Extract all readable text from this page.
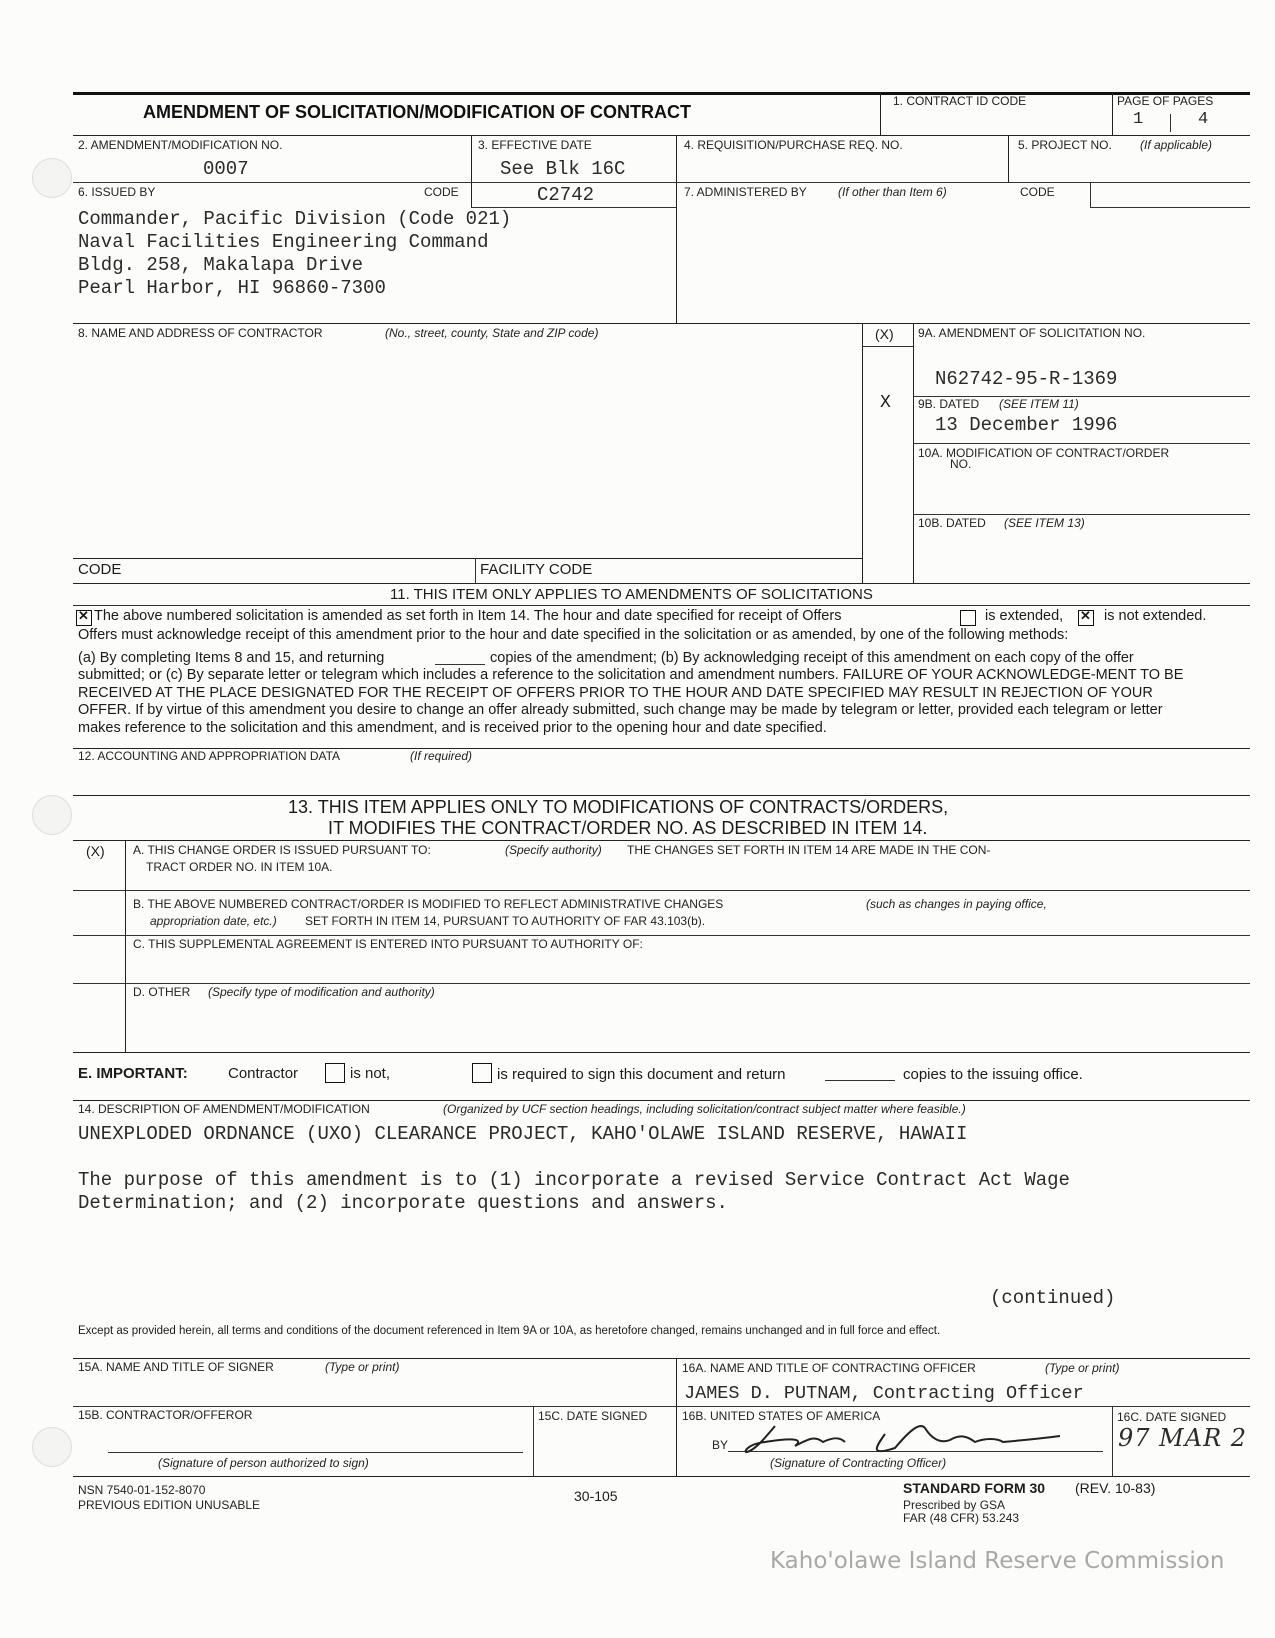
AMENDMENT OF SOLICITATION/MODIFICATION OF CONTRACT
1. CONTRACT ID CODE	PAGE OF PAGES
1	4
2. AMENDMENT/MODIFICATION NO.
0007
3. EFFECTIVE DATE
See Blk 16C
4. REQUISITION/PURCHASE REQ. NO.	5. PROJECT NO. (If applicable)
6. ISSUED BY	CODE	C2742
Commander, Pacific Division (Code 021)
Naval Facilities Engineering Command
Bldg. 258, Makalapa Drive
Pearl Harbor, HI 96860-7300
7. ADMINISTERED BY	(If other than Item 6)	CODE
8. NAME AND ADDRESS OF CONTRACTOR	(No., street, county, State and ZIP code)	(X) 9A. AMENDMENT OF SOLICITATION NO.
N62742-95-R-1369
X 9B. DATED (SEE ITEM 11)
13 December 1996
10A. MODIFICATION OF CONTRACT/ORDER
NO.
10B. DATED (SEE ITEM 13)
CODE	FACILITY CODE
11. THIS ITEM ONLY APPLIES TO AMENDMENTS OF SOLICITATIONS
✕
The above numbered solicitation is amended as set forth in Item 14. The hour and date specified for receipt of Offers	is extended,
✕	is not extended.
Offers must acknowledge receipt of this amendment prior to the hour and date specified in the solicitation or as amended, by one of the following methods:
(a) By completing Items 8 and 15, and returning	copies of the amendment; (b) By acknowledging receipt of this amendment on each copy of the offer
submitted; or (c) By separate letter or telegram which includes a reference to the solicitation and amendment numbers. FAILURE OF YOUR ACKNOWLEDGE-MENT TO BE RECEIVED AT THE PLACE DESIGNATED FOR THE RECEIPT OF OFFERS PRIOR TO THE HOUR AND DATE SPECIFIED MAY RESULT IN REJECTION OF YOUR OFFER. If by virtue of this amendment you desire to change an offer already submitted, such change may be made by telegram or letter, provided each telegram or letter makes reference to the solicitation and this amendment, and is received prior to the opening hour and date specified.
12. ACCOUNTING AND APPROPRIATION DATA	(If required)
13. THIS ITEM APPLIES ONLY TO MODIFICATIONS OF CONTRACTS/ORDERS,
IT MODIFIES THE CONTRACT/ORDER NO. AS DESCRIBED IN ITEM 14.
(X) A. THIS CHANGE ORDER IS ISSUED PURSUANT TO:	(Specify authority) THE CHANGES SET FORTH IN ITEM 14 ARE MADE IN THE CON-
TRACT ORDER NO. IN ITEM 10A.
B. THE ABOVE NUMBERED CONTRACT/ORDER IS MODIFIED TO REFLECT ADMINISTRATIVE CHANGES	(such as changes in paying office,
appropriation date, etc.) SET FORTH IN ITEM 14, PURSUANT TO AUTHORITY OF FAR 43.103(b).
C. THIS SUPPLEMENTAL AGREEMENT IS ENTERED INTO PURSUANT TO AUTHORITY OF:
D. OTHER (Specify type of modification and authority)
E. IMPORTANT:	Contractor	is not,	is required to sign this document and return	copies to the issuing office.
14. DESCRIPTION OF AMENDMENT/MODIFICATION	(Organized by UCF section headings, including solicitation/contract subject matter where feasible.)
UNEXPLODED ORDNANCE (UXO) CLEARANCE PROJECT, KAHO'OLAWE ISLAND RESERVE, HAWAII
The purpose of this amendment is to (1) incorporate a revised Service Contract Act Wage
Determination; and (2) incorporate questions and answers.
(continued)
Except as provided herein, all terms and conditions of the document referenced in Item 9A or 10A, as heretofore changed, remains unchanged and in full force and effect.
15A. NAME AND TITLE OF SIGNER	(Type or print)	16A. NAME AND TITLE OF CONTRACTING OFFICER	(Type or print)
JAMES D. PUTNAM, Contracting Officer
15B. CONTRACTOR/OFFEROR
(Signature of person authorized to sign)
15C. DATE SIGNED	16B. UNITED STATES OF AMERICA
BY
(Signature of Contracting Officer)
16C. DATE SIGNED
97 MAR 2
NSN 7540-01-152-8070
PREVIOUS EDITION UNUSABLE
30-105	STANDARD FORM 30 (REV. 10-83)
Prescribed by GSA
FAR (48 CFR) 53.243
Kaho'olawe Island Reserve Commission
